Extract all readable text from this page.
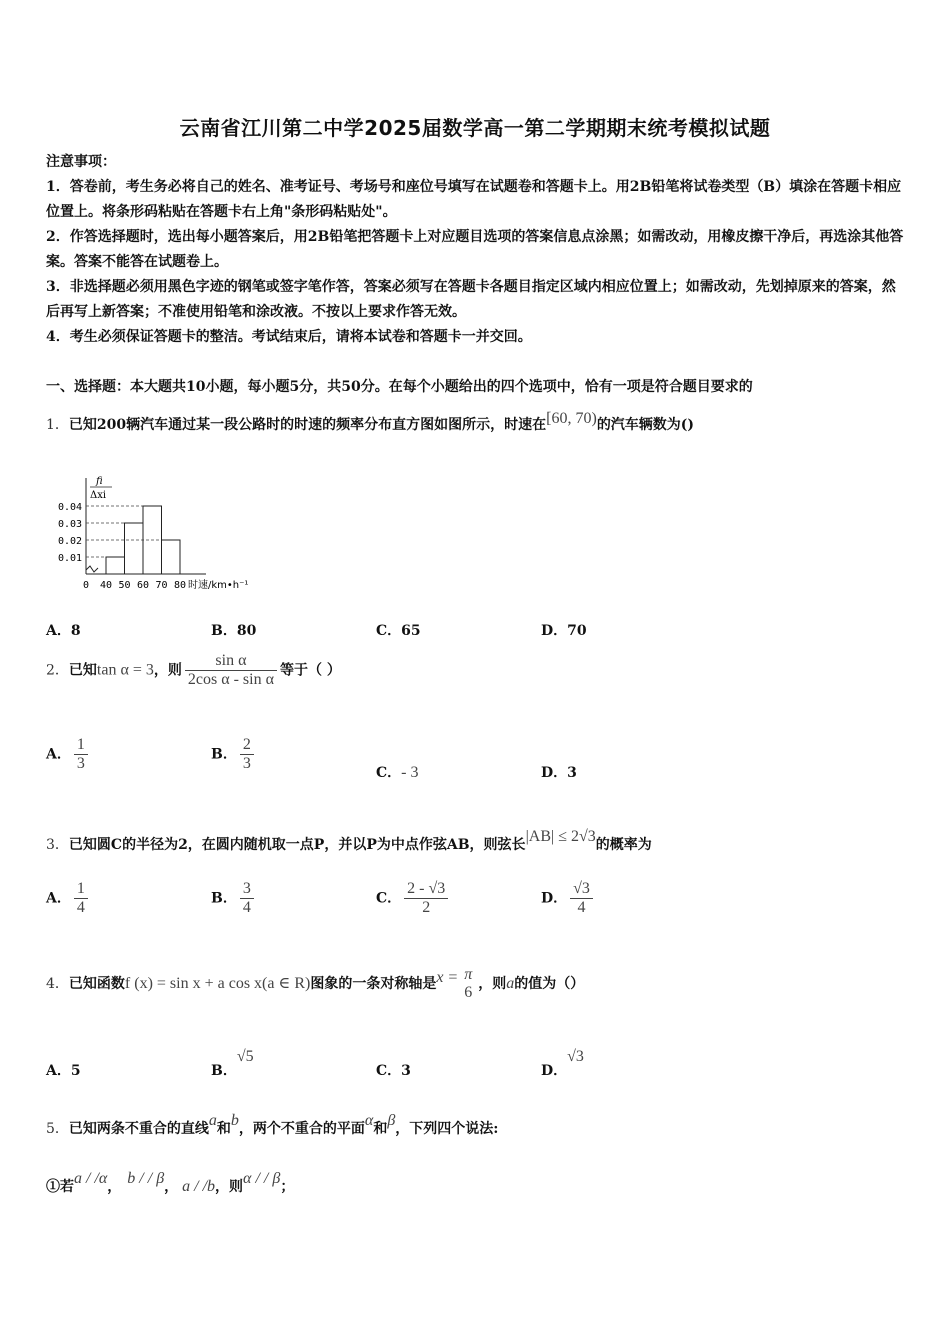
云南省江川第二中学2025届数学高一第二学期期末统考模拟试题

注意事项：

1．答卷前，考生务必将自己的姓名、准考证号、考场号和座位号填写在试题卷和答题卡上。用2B铅笔将试卷类型（B）填涂在答题卡相应位置上。将条形码粘贴在答题卡右上角"条形码粘贴处"。

2．作答选择题时，选出每小题答案后，用2B铅笔把答题卡上对应题目选项的答案信息点涂黑；如需改动，用橡皮擦干净后，再选涂其他答案。答案不能答在试题卷上。

3．非选择题必须用黑色字迹的钢笔或签字笔作答，答案必须写在答题卡各题目指定区域内相应位置上；如需改动，先划掉原来的答案，然后再写上新答案；不准使用铅笔和涂改液。不按以上要求作答无效。

4．考生必须保证答题卡的整洁。考试结束后，请将本试卷和答题卡一并交回。

一、选择题：本大题共10小题，每小题5分，共50分。在每个小题给出的四个选项中，恰有一项是符合题目要求的
1．已知200辆汽车通过某一段公路时的时速的频率分布直方图如图所示，时速在[60, 70)的汽车辆数为()
fi
Δxi
0.01
0.02
0.03
0.04
0 40 50 60 70 80 时速/km•h⁻¹
A．8	B．80	C．65	D．70
2．已知tan α = 3，则 $\frac{\text{sin α}}{\text{2cos α - sin α}}$ 等于（ ）
A． $\frac{1}{3}$	B． $\frac{2}{3}$	C．- 3	D．3
3．已知圆C的半径为2，在圆内随机取一点P，并以P为中点作弦AB，则弦长|AB| ≤ 2√3的概率为
A． $\frac{1}{4}$	B． $\frac{3}{4}$	C． $\frac{2 - √3}{2}$	D． $\frac{√3}{4}$
4．已知函数f (x) = sin x + a cos x(a ∈ R)图象的一条对称轴是x = π
6 ，则a的值为（）
A．5	B．√5
C．3	D．√3
5．已知两条不重合的直线a和b，两个不重合的平面α和β，下列四个说法:
①若a / /α， b / / β， a / /b，则α / / β；
